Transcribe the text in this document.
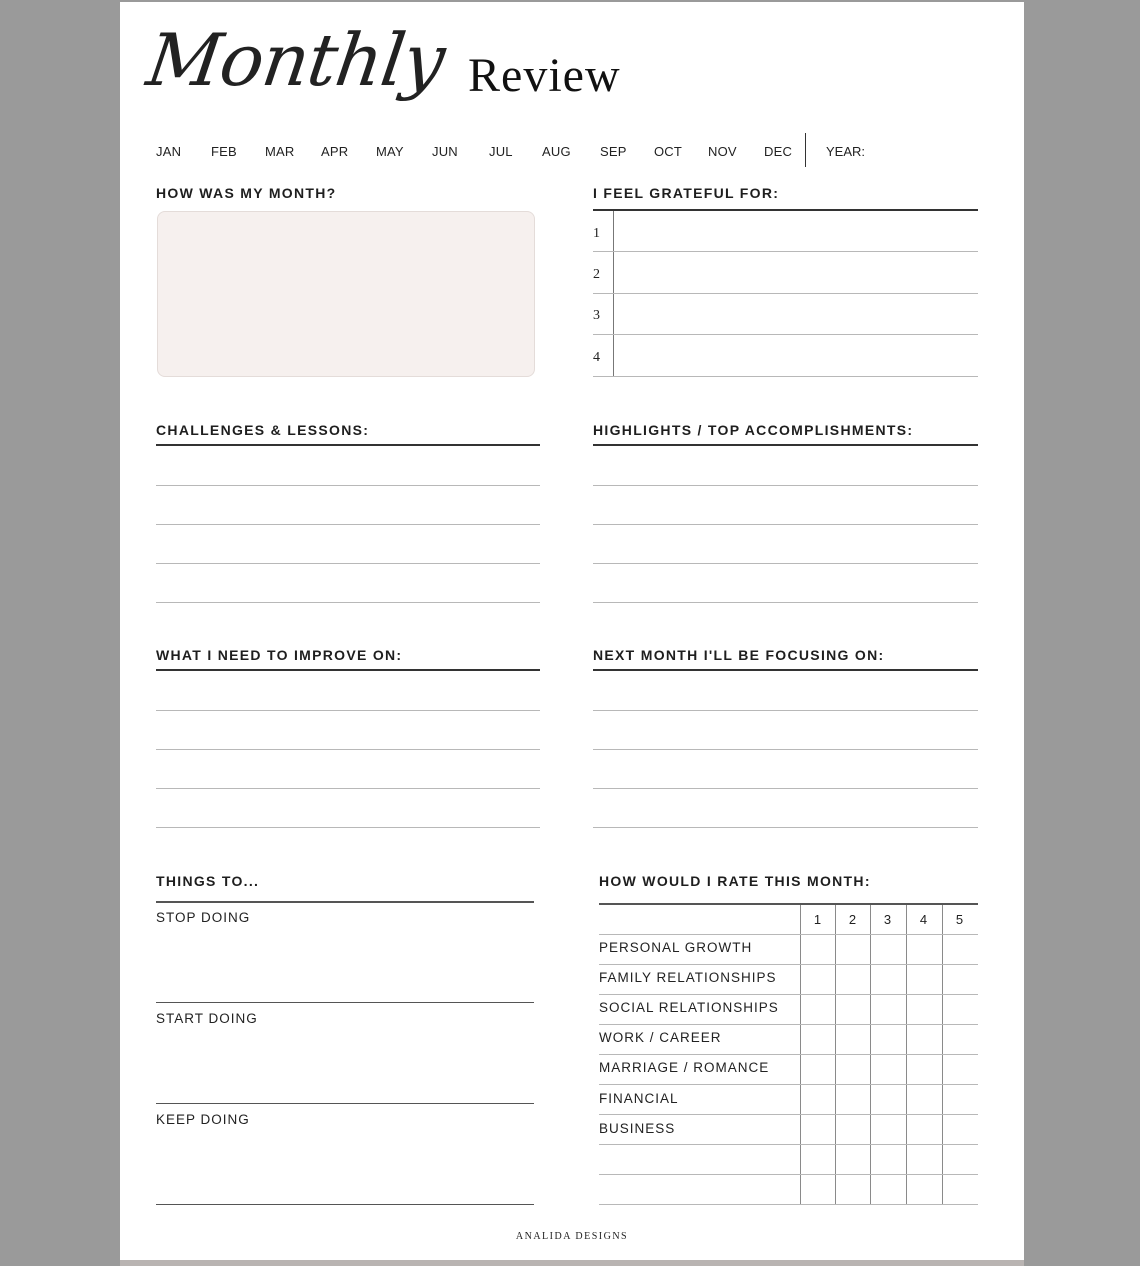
Monthly Review
JAN FEB MAR APR MAY JUN JUL AUG SEP OCT NOV DEC	YEAR:
HOW WAS MY MONTH?	I FEEL GRATEFUL FOR:
1
2
3
4
CHALLENGES & LESSONS:	HIGHLIGHTS / TOP ACCOMPLISHMENTS:
WHAT I NEED TO IMPROVE ON:	NEXT MONTH I'LL BE FOCUSING ON:
THINGS TO...
STOP DOING
START DOING
KEEP DOING
HOW WOULD I RATE THIS MONTH:
1	2	3	4	5
PERSONAL GROWTH
FAMILY RELATIONSHIPS
SOCIAL RELATIONSHIPS
WORK / CAREER
MARRIAGE / ROMANCE
FINANCIAL
BUSINESS
ANALIDA DESIGNS
